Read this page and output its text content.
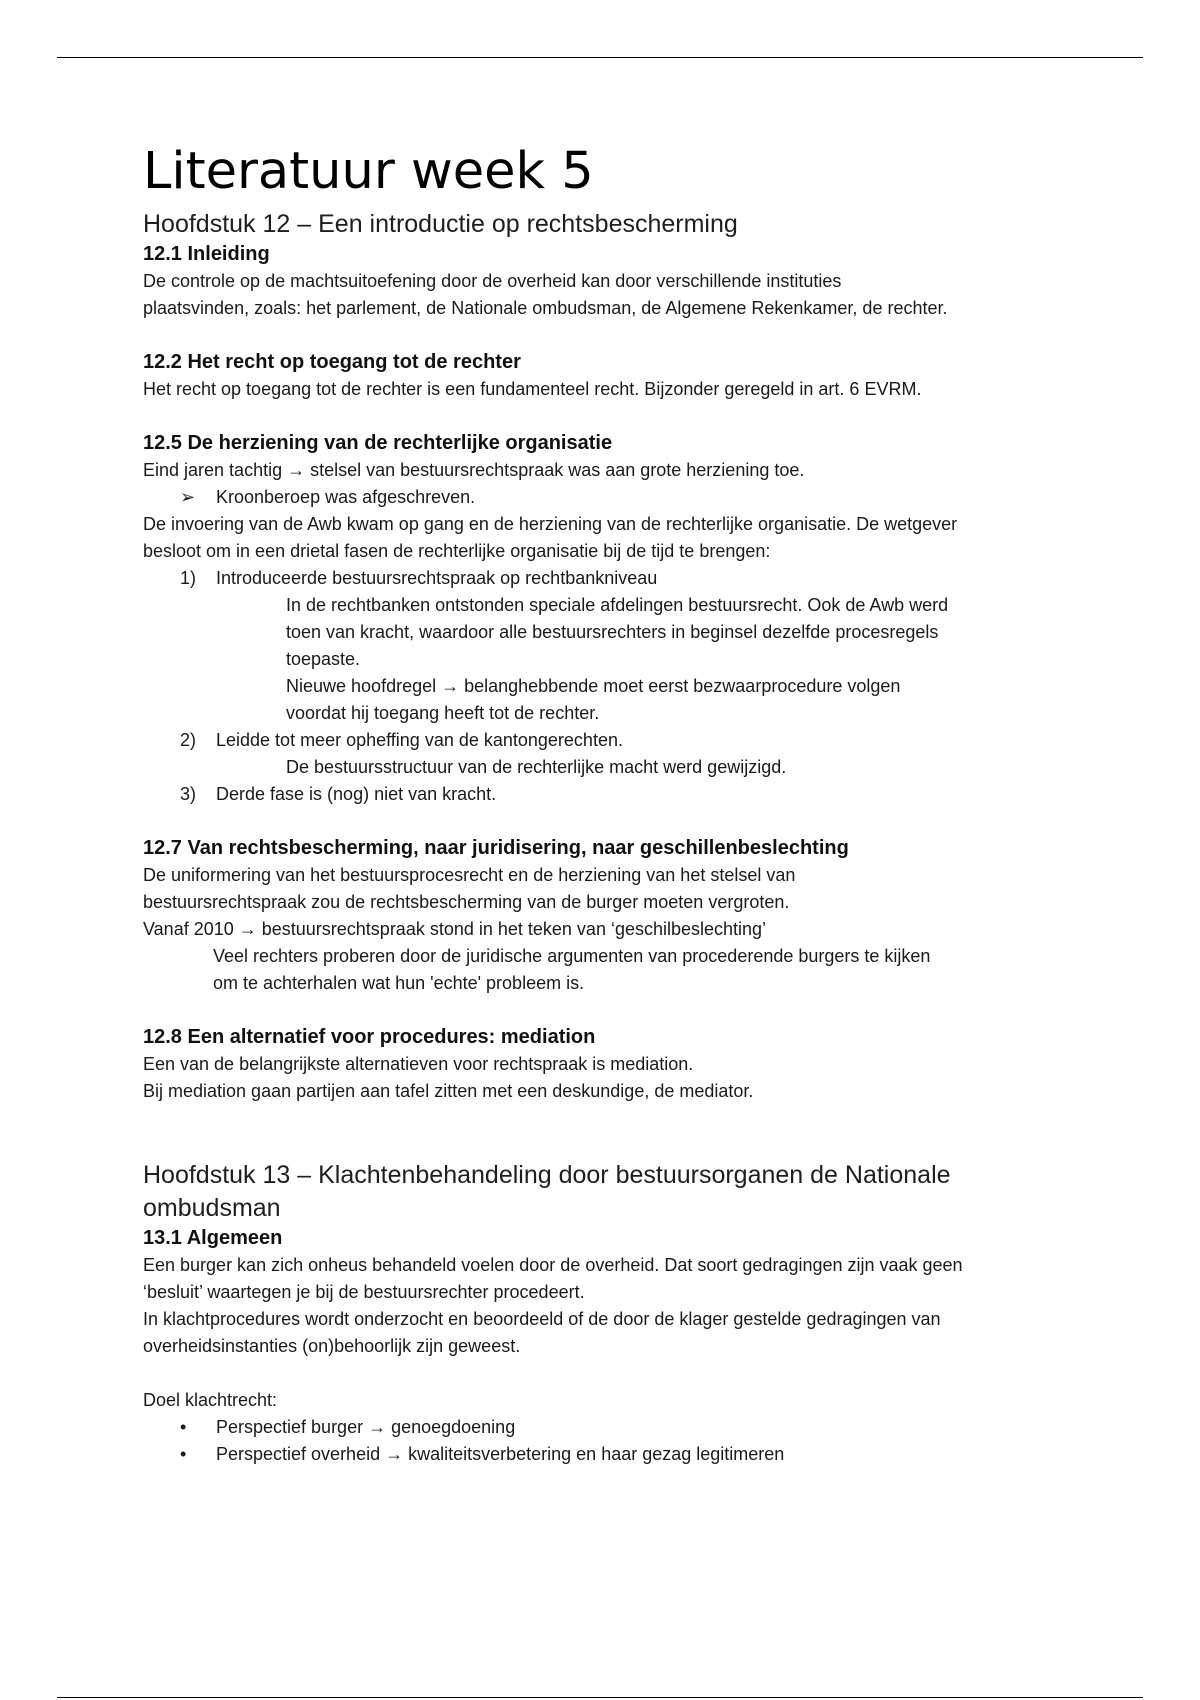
Literatuur week 5
Hoofdstuk 12 – Een introductie op rechtsbescherming
12.1 Inleiding
De controle op de machtsuitoefening door de overheid kan door verschillende instituties
plaatsvinden, zoals: het parlement, de Nationale ombudsman, de Algemene Rekenkamer, de rechter.
12.2 Het recht op toegang tot de rechter
Het recht op toegang tot de rechter is een fundamenteel recht. Bijzonder geregeld in art. 6 EVRM.
12.5 De herziening van de rechterlijke organisatie
Eind jaren tachtig → stelsel van bestuursrechtspraak was aan grote herziening toe.
➢ Kroonberoep was afgeschreven.
De invoering van de Awb kwam op gang en de herziening van de rechterlijke organisatie. De wetgever
besloot om in een drietal fasen de rechterlijke organisatie bij de tijd te brengen:
1) Introduceerde bestuursrechtspraak op rechtbankniveau
In de rechtbanken ontstonden speciale afdelingen bestuursrecht. Ook de Awb werd
toen van kracht, waardoor alle bestuursrechters in beginsel dezelfde procesregels
toepaste.
Nieuwe hoofdregel → belanghebbende moet eerst bezwaarprocedure volgen
voordat hij toegang heeft tot de rechter.
2) Leidde tot meer opheffing van de kantongerechten.
De bestuursstructuur van de rechterlijke macht werd gewijzigd.
3) Derde fase is (nog) niet van kracht.
12.7 Van rechtsbescherming, naar juridisering, naar geschillenbeslechting
De uniformering van het bestuursprocesrecht en de herziening van het stelsel van
bestuursrechtspraak zou de rechtsbescherming van de burger moeten vergroten.
Vanaf 2010 → bestuursrechtspraak stond in het teken van ‘geschilbeslechting’
Veel rechters proberen door de juridische argumenten van procederende burgers te kijken
om te achterhalen wat hun 'echte' probleem is.
12.8 Een alternatief voor procedures: mediation
Een van de belangrijkste alternatieven voor rechtspraak is mediation.
Bij mediation gaan partijen aan tafel zitten met een deskundige, de mediator.
Hoofdstuk 13 – Klachtenbehandeling door bestuursorganen de Nationale
ombudsman
13.1 Algemeen
Een burger kan zich onheus behandeld voelen door de overheid. Dat soort gedragingen zijn vaak geen
‘besluit’ waartegen je bij de bestuursrechter procedeert.
In klachtprocedures wordt onderzocht en beoordeeld of de door de klager gestelde gedragingen van
overheidsinstanties (on)behoorlijk zijn geweest.
Doel klachtrecht:
• Perspectief burger → genoegdoening
• Perspectief overheid → kwaliteitsverbetering en haar gezag legitimeren
